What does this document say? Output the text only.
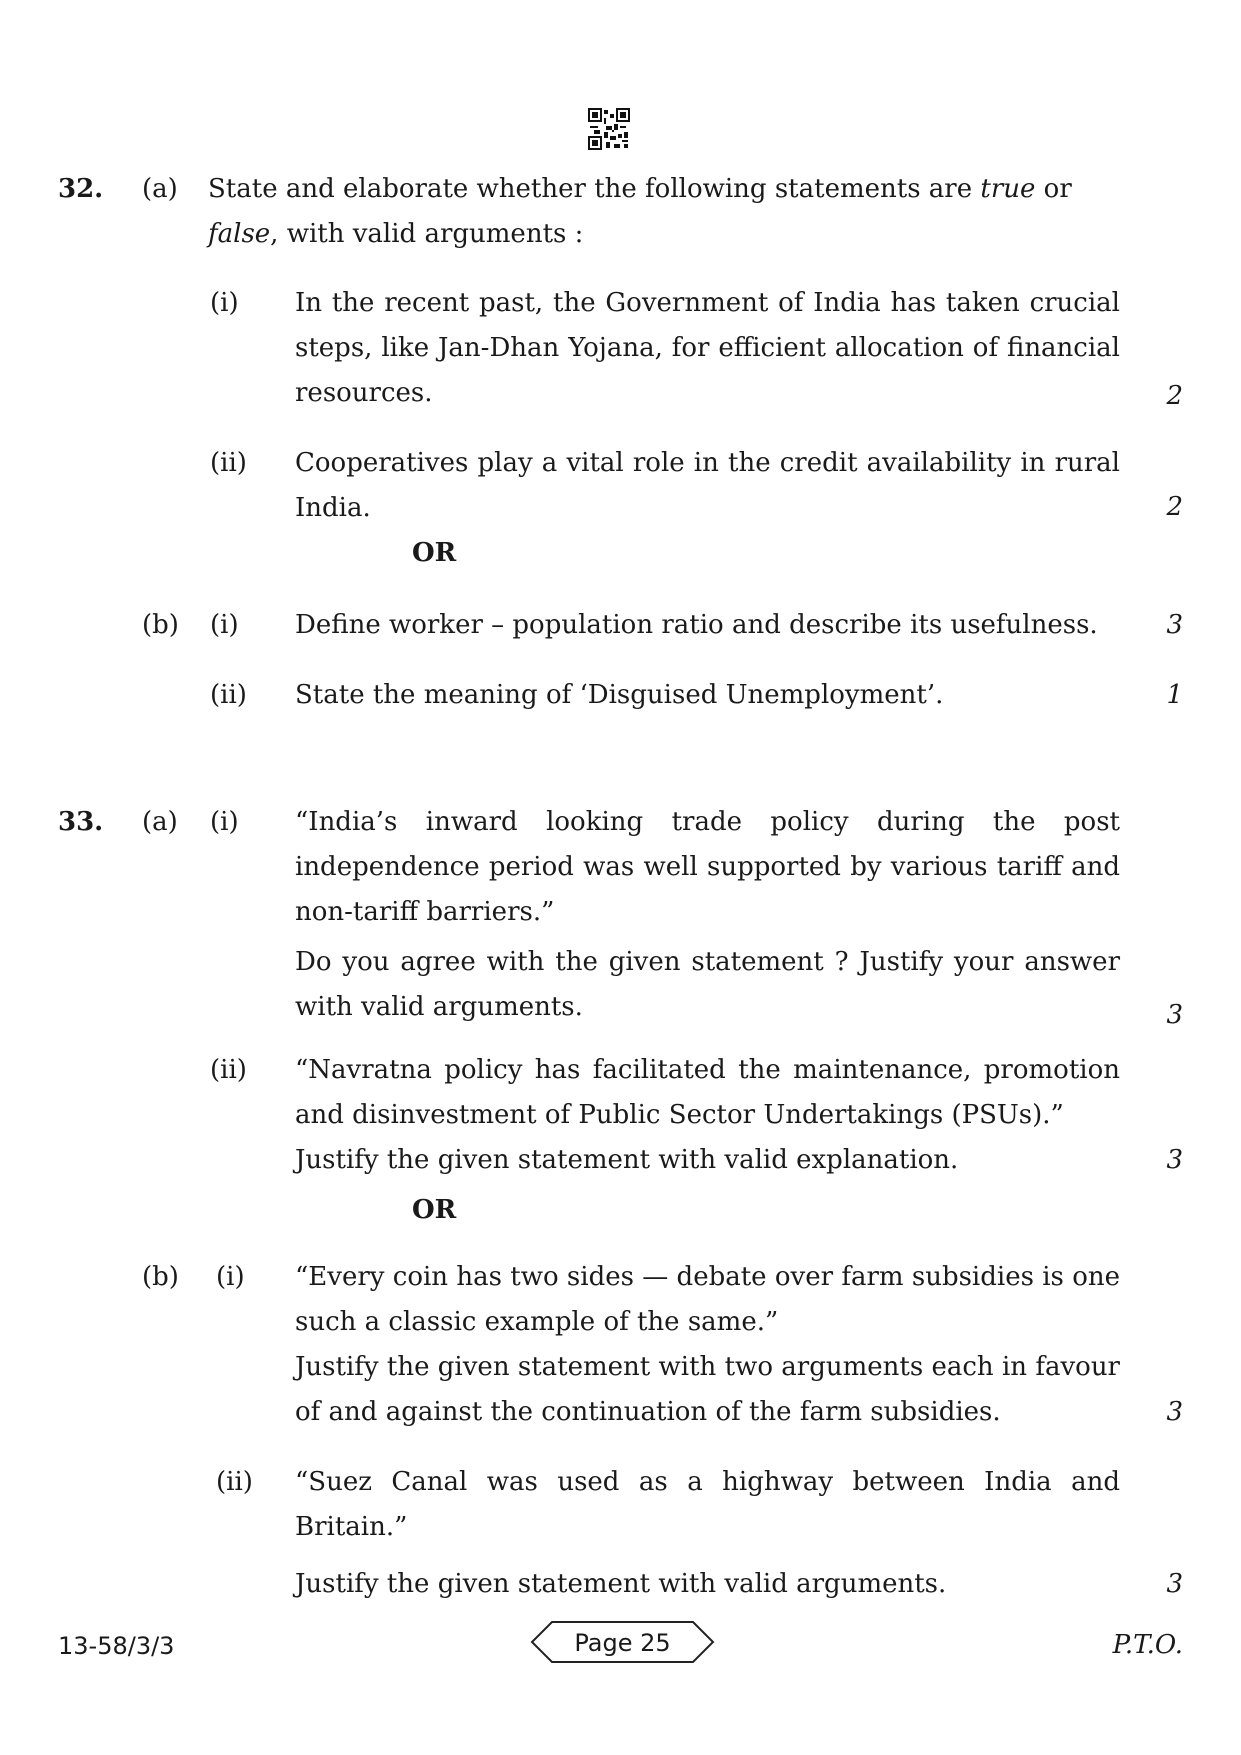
32. (a) State and elaborate whether the following statements are true or
false, with valid arguments :
(i) In the recent past, the Government of India has taken crucial steps, like Jan-Dhan Yojana, for efficient allocation of financial resources.	2
(ii) Cooperatives play a vital role in the credit availability in rural India.	2
OR
(b) (i) Define worker – population ratio and describe its usefulness.	3
(ii) State the meaning of ‘Disguised Unemployment’.	1
33. (a) (i) “India’s inward looking trade policy during the post independence period was well supported by various tariff and non-tariff barriers.”
Do you agree with the given statement ? Justify your answer with valid arguments.	3
(ii) “Navratna policy has facilitated the maintenance, promotion and disinvestment of Public Sector Undertakings (PSUs).”
Justify the given statement with valid explanation.	3
OR
(b) (i) “Every coin has two sides — debate over farm subsidies is one such a classic example of the same.”
Justify the given statement with two arguments each in favour of and against the continuation of the farm subsidies.	3
(ii) “Suez Canal was used as a highway between India and Britain.”
Justify the given statement with valid arguments.	3
13-58/3/3	Page 25	P.T.O.
